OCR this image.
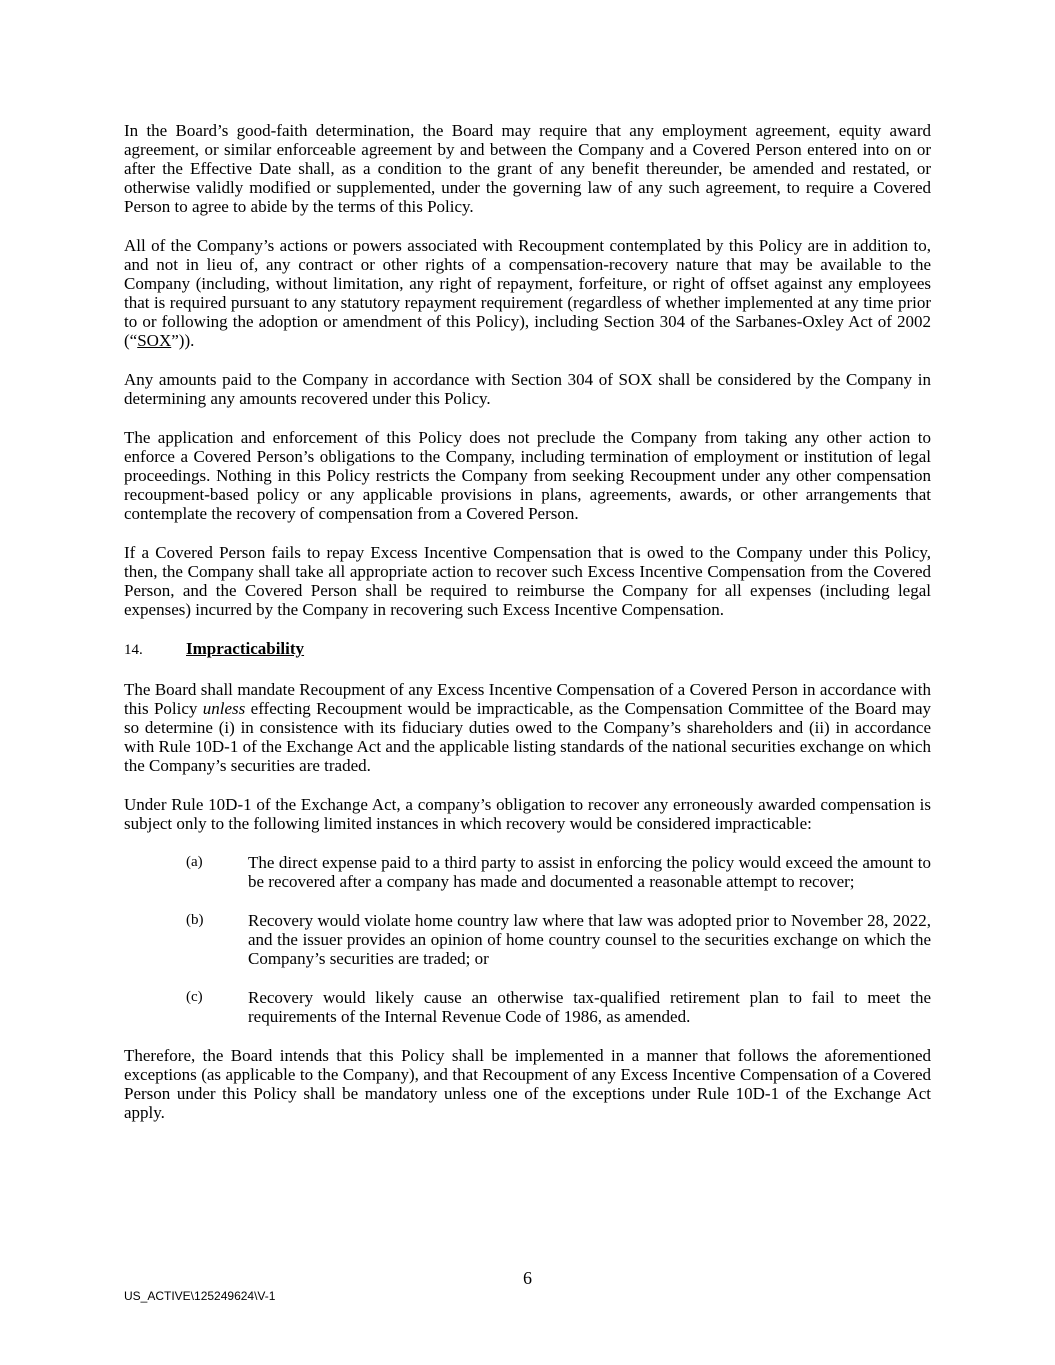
In the Board’s good-faith determination, the Board may require that any employment agreement, equity award agreement, or similar enforceable agreement by and between the Company and a Covered Person entered into on or after the Effective Date shall, as a condition to the grant of any benefit thereunder, be amended and restated, or otherwise validly modified or supplemented, under the governing law of any such agreement, to require a Covered Person to agree to abide by the terms of this Policy.

All of the Company’s actions or powers associated with Recoupment contemplated by this Policy are in addition to, and not in lieu of, any contract or other rights of a compensation-recovery nature that may be available to the Company (including, without limitation, any right of repayment, forfeiture, or right of offset against any employees that is required pursuant to any statutory repayment requirement (regardless of whether implemented at any time prior to or following the adoption or amendment of this Policy), including Section 304 of the Sarbanes-Oxley Act of 2002 (“SOX”)).

Any amounts paid to the Company in accordance with Section 304 of SOX shall be considered by the Company in determining any amounts recovered under this Policy.

The application and enforcement of this Policy does not preclude the Company from taking any other action to enforce a Covered Person’s obligations to the Company, including termination of employment or institution of legal proceedings. Nothing in this Policy restricts the Company from seeking Recoupment under any other compensation recoupment-based policy or any applicable provisions in plans, agreements, awards, or other arrangements that contemplate the recovery of compensation from a Covered Person.

If a Covered Person fails to repay Excess Incentive Compensation that is owed to the Company under this Policy, then, the Company shall take all appropriate action to recover such Excess Incentive Compensation from the Covered Person, and the Covered Person shall be required to reimburse the Company for all expenses (including legal expenses) incurred by the Company in recovering such Excess Incentive Compensation.

14.	Impracticability

The Board shall mandate Recoupment of any Excess Incentive Compensation of a Covered Person in accordance with this Policy unless effecting Recoupment would be impracticable, as the Compensation Committee of the Board may so determine (i) in consistence with its fiduciary duties owed to the Company’s shareholders and (ii) in accordance with Rule 10D-1 of the Exchange Act and the applicable listing standards of the national securities exchange on which the Company’s securities are traded.

Under Rule 10D-1 of the Exchange Act, a company’s obligation to recover any erroneously awarded compensation is subject only to the following limited instances in which recovery would be considered impracticable:

(a)	The direct expense paid to a third party to assist in enforcing the policy would exceed the amount to be recovered after a company has made and documented a reasonable attempt to recover;
(b)	Recovery would violate home country law where that law was adopted prior to November 28, 2022, and the issuer provides an opinion of home country counsel to the securities exchange on which the Company’s securities are traded; or
(c)	Recovery would likely cause an otherwise tax-qualified retirement plan to fail to meet the requirements of the Internal Revenue Code of 1986, as amended.

Therefore, the Board intends that this Policy shall be implemented in a manner that follows the aforementioned exceptions (as applicable to the Company), and that Recoupment of any Excess Incentive Compensation of a Covered Person under this Policy shall be mandatory unless one of the exceptions under Rule 10D-1 of the Exchange Act apply.

6
US_ACTIVE\125249624\V-1
